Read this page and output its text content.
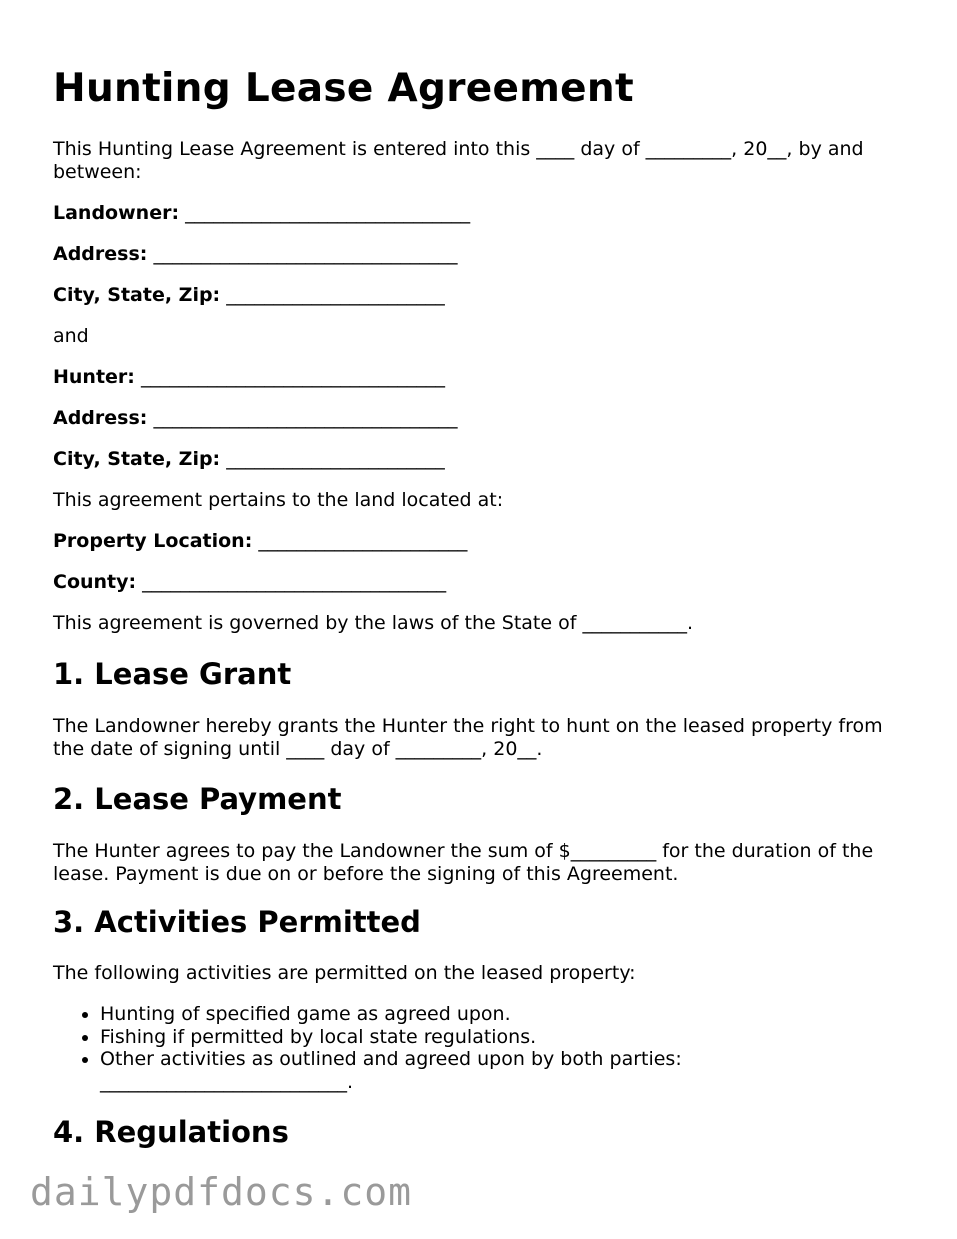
Hunting Lease Agreement

This Hunting Lease Agreement is entered into this ____ day of _________, 20__, by and between:

Landowner: ______________________________

Address: ________________________________

City, State, Zip: _______________________

and

Hunter: ________________________________

Address: ________________________________

City, State, Zip: _______________________

This agreement pertains to the land located at:

Property Location: ______________________

County: ________________________________

This agreement is governed by the laws of the State of ___________.

1. Lease Grant

The Landowner hereby grants the Hunter the right to hunt on the leased property from the date of signing until ____ day of _________, 20__.

2. Lease Payment

The Hunter agrees to pay the Landowner the sum of $_________ for the duration of the lease. Payment is due on or before the signing of this Agreement.

3. Activities Permitted

The following activities are permitted on the leased property:

• Hunting of specified game as agreed upon.
• Fishing if permitted by local state regulations.
• Other activities as outlined and agreed upon by both parties: __________________________.
4. Regulations
dailypdfdocs.com
